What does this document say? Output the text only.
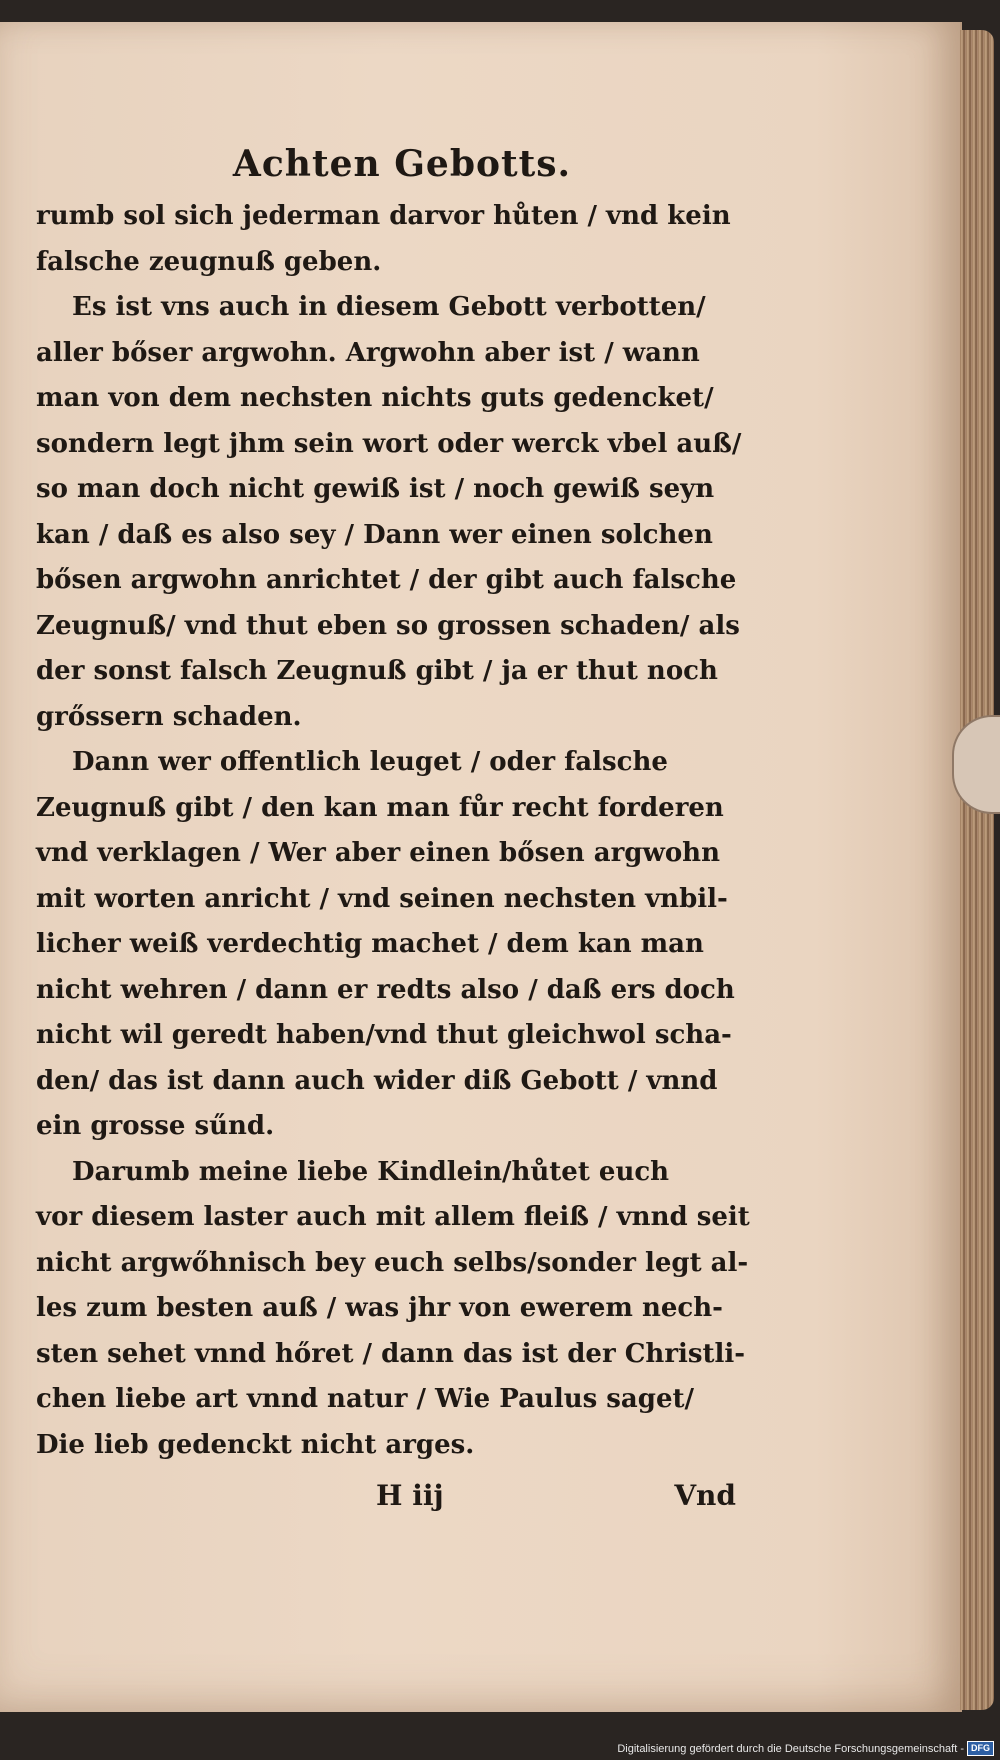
Achten Gebotts.
rumb sol sich jederman darvor hůten / vnd kein
falsche zeugnuß geben.
Es ist vns auch in diesem Gebott verbotten/
aller bőser argwohn. Argwohn aber ist / wann
man von dem nechsten nichts guts gedencket/
sondern legt jhm sein wort oder werck vbel auß/
so man doch nicht gewiß ist / noch gewiß seyn
kan / daß es also sey / Dann wer einen solchen
bősen argwohn anrichtet / der gibt auch falsche
Zeugnuß/ vnd thut eben so grossen schaden/ als
der sonst falsch Zeugnuß gibt / ja er thut noch
grőssern schaden.
Dann wer offentlich leuget / oder falsche
Zeugnuß gibt / den kan man fůr recht forderen
vnd verklagen / Wer aber einen bősen argwohn
mit worten anricht / vnd seinen nechsten vnbil-
licher weiß verdechtig machet / dem kan man
nicht wehren / dann er redts also / daß ers doch
nicht wil geredt haben/vnd thut gleichwol scha-
den/ das ist dann auch wider diß Gebott / vnnd
ein grosse sűnd.
Darumb meine liebe Kindlein/hůtet euch
vor diesem laster auch mit allem fleiß / vnnd seit
nicht argwőhnisch bey euch selbs/sonder legt al-
les zum besten auß / was jhr von ewerem nech-
sten sehet vnnd hőret / dann das ist der Christli-
chen liebe art vnnd natur / Wie Paulus saget/
Die lieb gedenckt nicht arges.
H iij	Vnd
Digitalisierung gefördert durch die Deutsche Forschungsgemeinschaft - DFG
